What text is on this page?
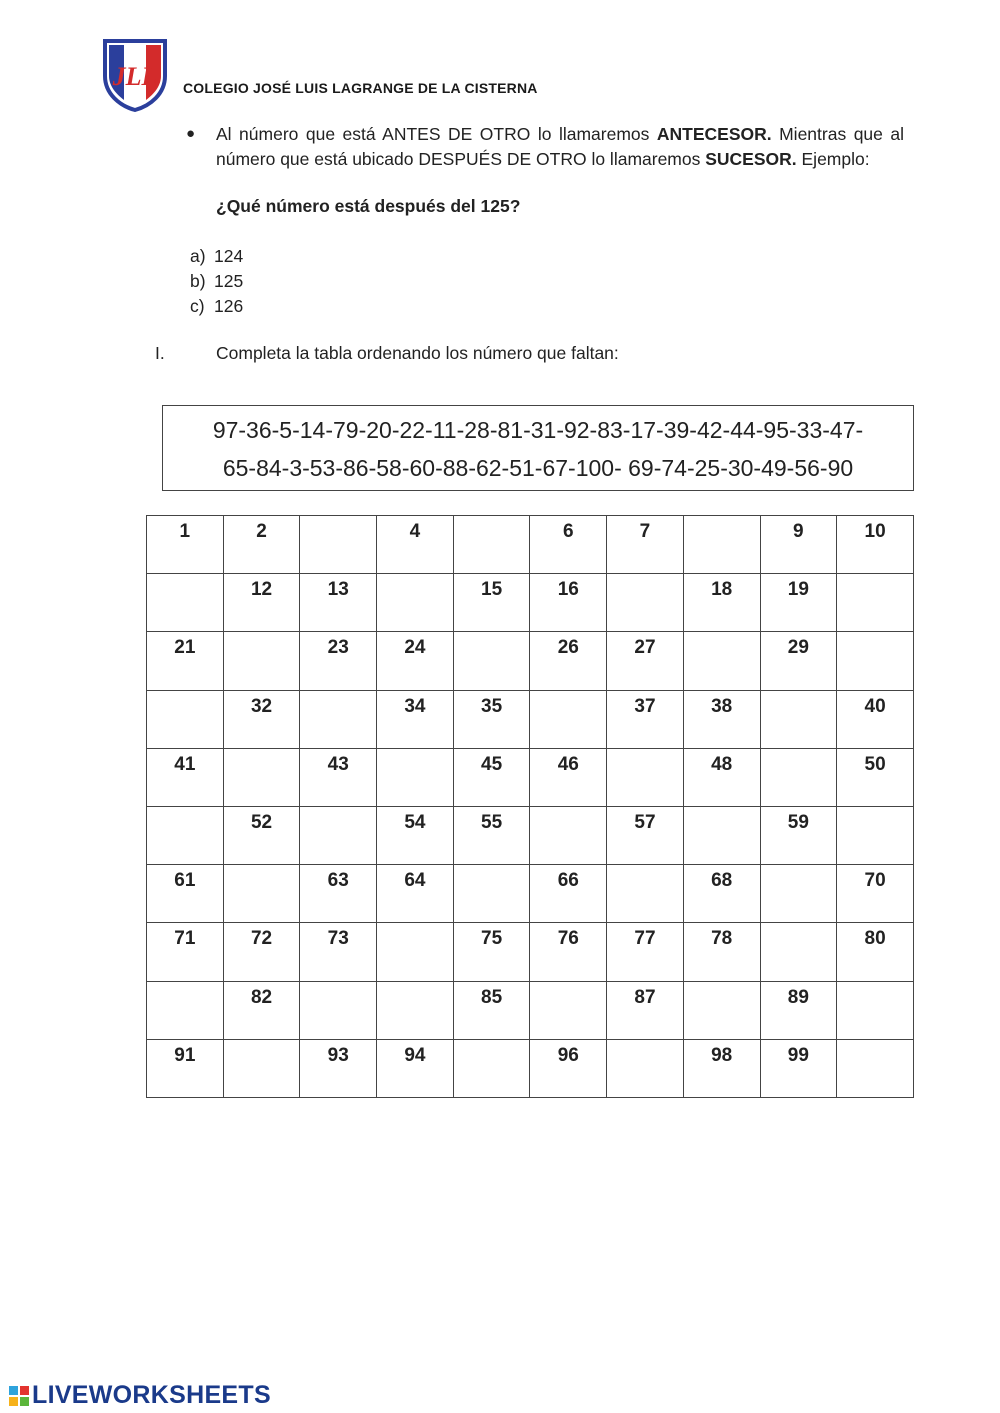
JLL COLEGIO JOSÉ LUIS LAGRANGE DE LA CISTERNA
● Al número que está ANTES DE OTRO lo llamaremos ANTECESOR. Mientras que al número que está ubicado DESPUÉS DE OTRO lo llamaremos SUCESOR. Ejemplo:
¿Qué número está después del 125?
a) 124
b) 125
c) 126
I.	Completa la tabla ordenando los número que faltan:
97-36-5-14-79-20-22-11-28-81-31-92-83-17-39-42-44-95-33-47-
65-84-3-53-86-58-60-88-62-51-67-100- 69-74-25-30-49-56-90
1	2		4		6	7		9	10
	12	13		15	16		18	19	
21		23	24		26	27		29	
	32		34	35		37	38		40
41		43		45	46		48		50
	52		54	55		57		59	
61		63	64		66		68		70
71	72	73		75	76	77	78		80
	82			85		87		89	
91		93	94		96		98	99	
LIVEWORKSHEETS
